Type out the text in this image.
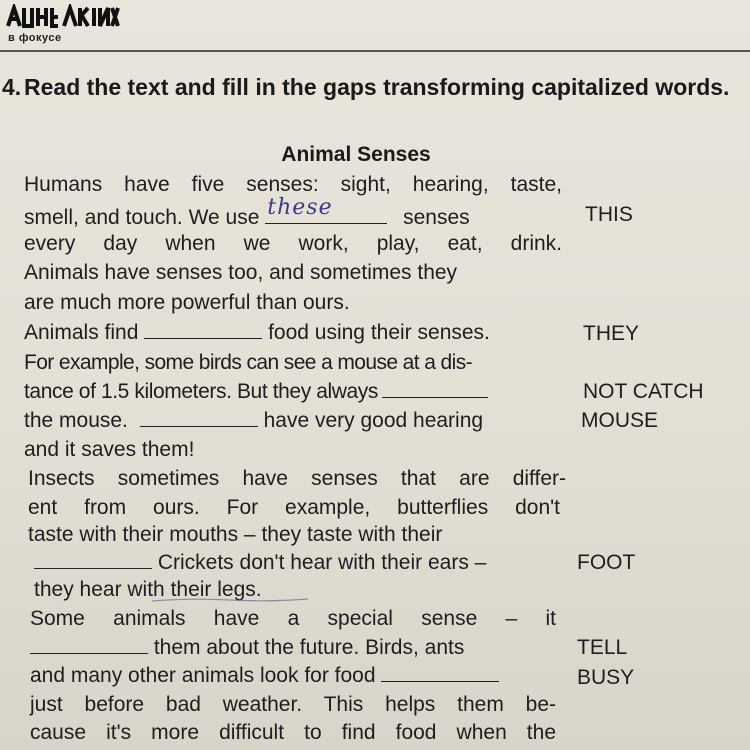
в фокусе
4. Read the text and fill in the gaps transforming capitalized words.
Animal Senses
Humans have five senses: sight, hearing, taste,
smell, and touch. We use these	senses
every day when we work, play, eat, drink.
Animals have senses too, and sometimes they
are much more powerful than ours.
Animals find	food using their senses.
For example, some birds can see a mouse at a dis-
tance of 1.5 kilometers. But they always
the mouse.	have very good hearing
and it saves them!
Insects sometimes have senses that are differ-
ent from ours. For example, butterflies don't
taste with their mouths – they taste with their
Crickets don't hear with their ears –
they hear with their legs.
Some animals have a special sense – it
them about the future. Birds, ants
and many other animals look for food
just before bad weather. This helps them be-
cause it's more difficult to find food when the
THIS
THEY
NOT CATCH
MOUSE
FOOT
TELL
BUSY
